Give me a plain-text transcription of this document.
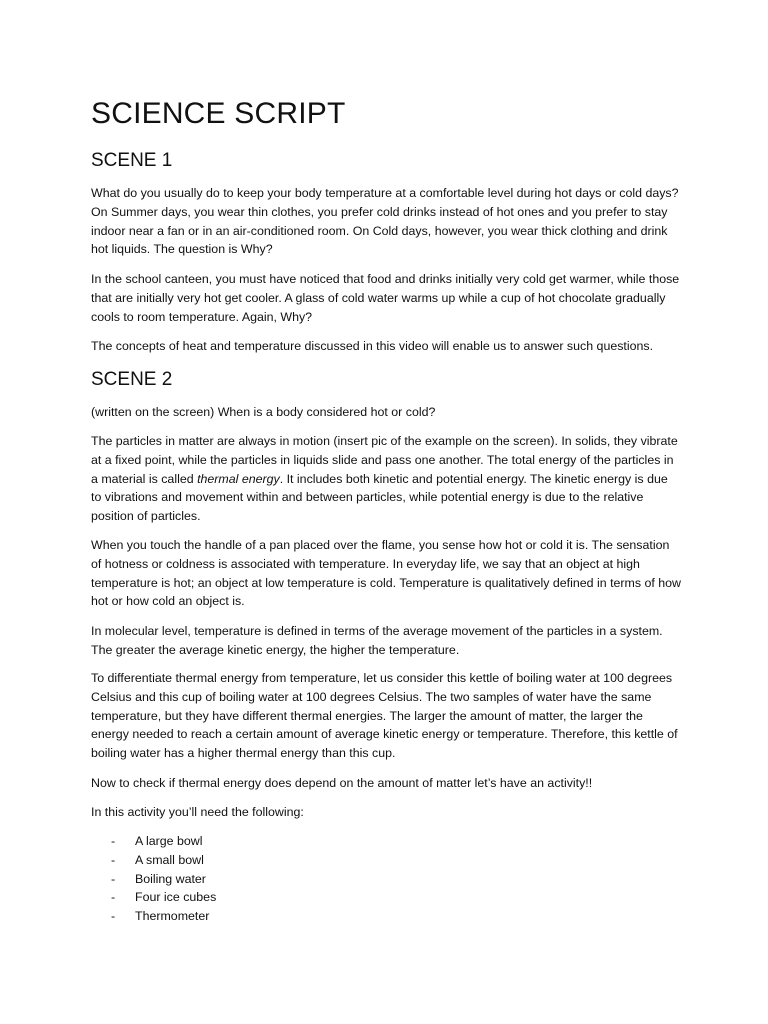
SCIENCE SCRIPT
SCENE 1

What do you usually do to keep your body temperature at a comfortable level during hot days or cold days? On Summer days, you wear thin clothes, you prefer cold drinks instead of hot ones and you prefer to stay indoor near a fan or in an air-conditioned room. On Cold days, however, you wear thick clothing and drink hot liquids. The question is Why?

In the school canteen, you must have noticed that food and drinks initially very cold get warmer, while those that are initially very hot get cooler. A glass of cold water warms up while a cup of hot chocolate gradually cools to room temperature. Again, Why?

The concepts of heat and temperature discussed in this video will enable us to answer such questions.

SCENE 2

(written on the screen) When is a body considered hot or cold?

The particles in matter are always in motion (insert pic of the example on the screen). In solids, they vibrate at a fixed point, while the particles in liquids slide and pass one another. The total energy of the particles in a material is called thermal energy. It includes both kinetic and potential energy. The kinetic energy is due to vibrations and movement within and between particles, while potential energy is due to the relative position of particles.

When you touch the handle of a pan placed over the flame, you sense how hot or cold it is. The sensation of hotness or coldness is associated with temperature. In everyday life, we say that an object at high temperature is hot; an object at low temperature is cold. Temperature is qualitatively defined in terms of how hot or how cold an object is.

In molecular level, temperature is defined in terms of the average movement of the particles in a system. The greater the average kinetic energy, the higher the temperature.

To differentiate thermal energy from temperature, let us consider this kettle of boiling water at 100 degrees Celsius and this cup of boiling water at 100 degrees Celsius. The two samples of water have the same temperature, but they have different thermal energies. The larger the amount of matter, the larger the energy needed to reach a certain amount of average kinetic energy or temperature. Therefore, this kettle of boiling water has a higher thermal energy than this cup.

Now to check if thermal energy does depend on the amount of matter let’s have an activity!!

In this activity you’ll need the following:

- A large bowl
- A small bowl
- Boiling water
- Four ice cubes
- Thermometer
